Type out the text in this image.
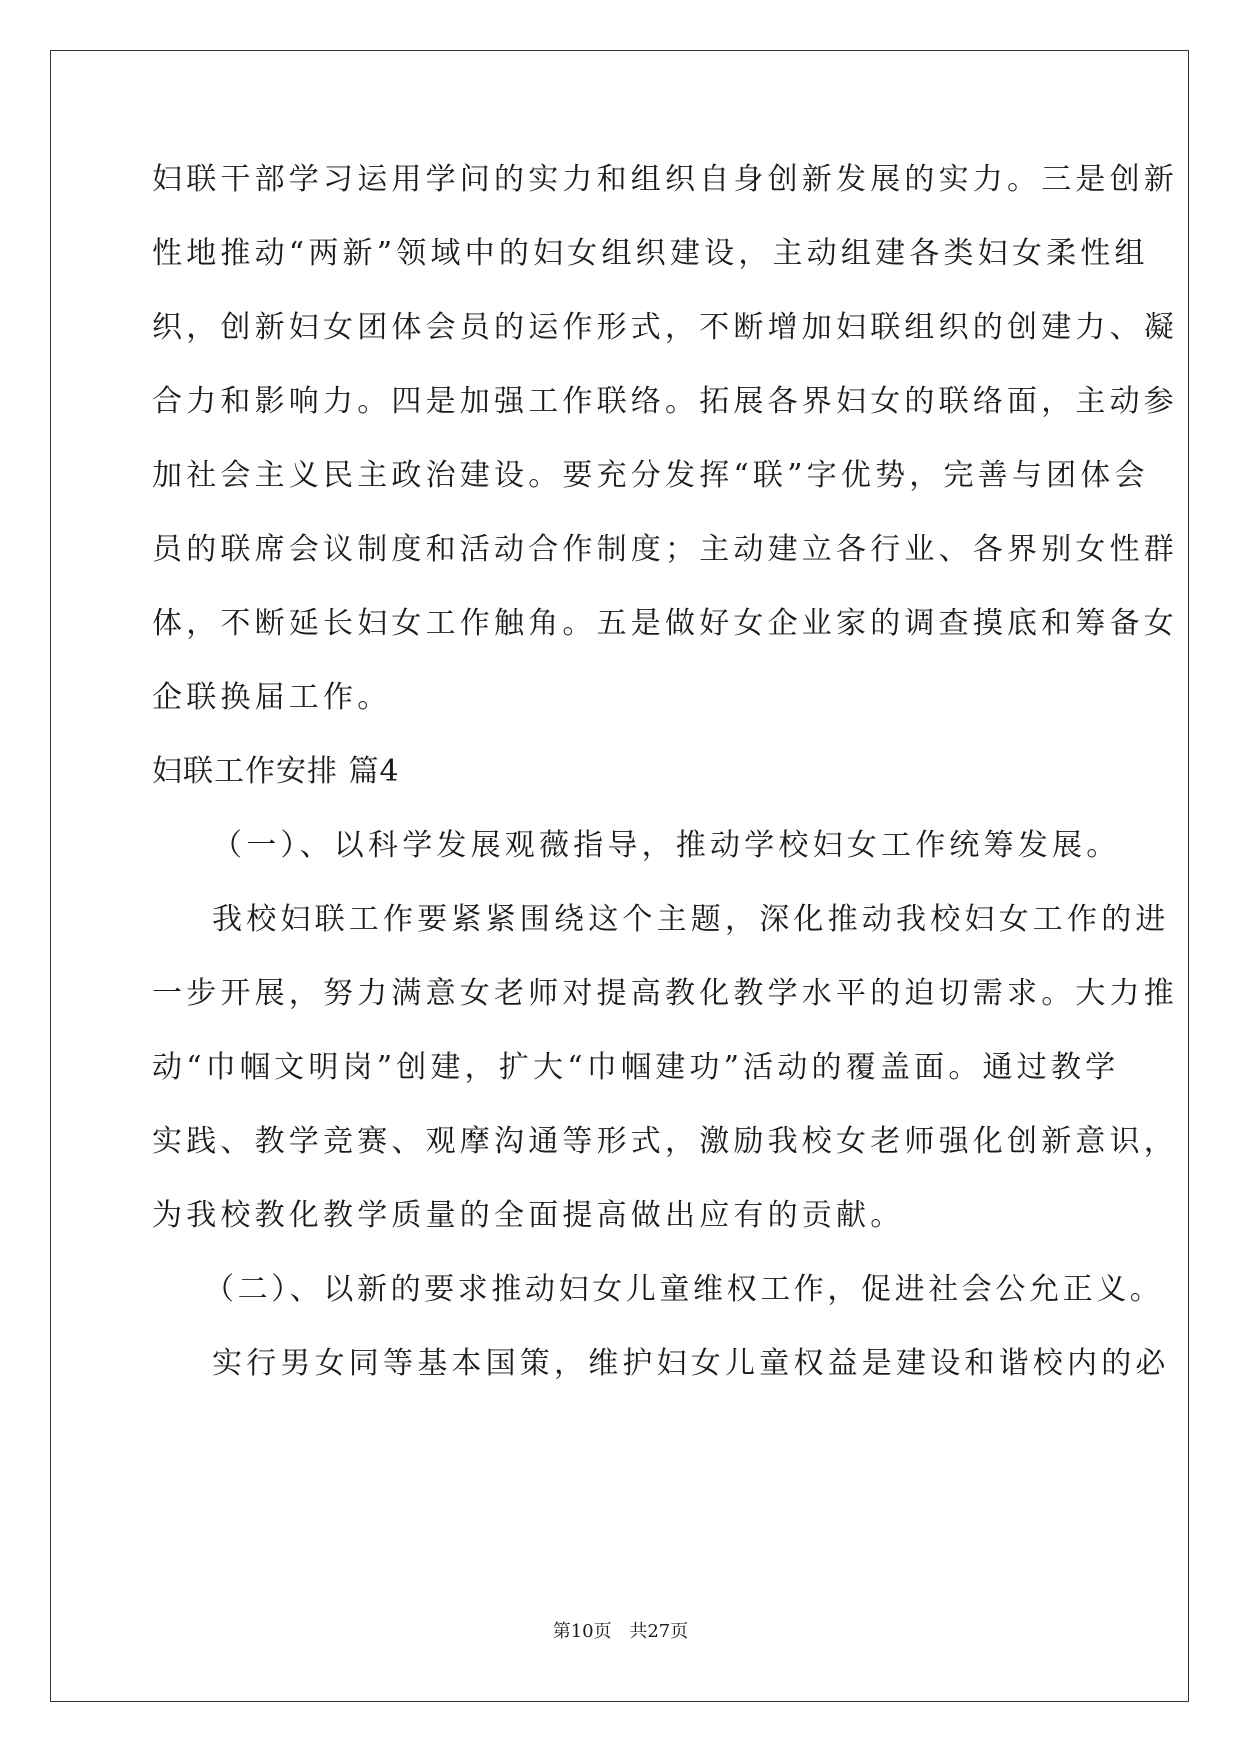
妇联干部学习运用学问的实力和组织自身创新发展的实力。三是创新
性地推动“两新”领域中的妇女组织建设，主动组建各类妇女柔性组
织，创新妇女团体会员的运作形式，不断增加妇联组织的创建力、凝
合力和影响力。四是加强工作联络。拓展各界妇女的联络面，主动参
加社会主义民主政治建设。要充分发挥“联”字优势，完善与团体会
员的联席会议制度和活动合作制度；主动建立各行业、各界别女性群
体，不断延长妇女工作触角。五是做好女企业家的调查摸底和筹备女
企联换届工作。
妇联工作安排 篇4
（一）、以科学发展观薇指导，推动学校妇女工作统筹发展。
我校妇联工作要紧紧围绕这个主题，深化推动我校妇女工作的进
一步开展，努力满意女老师对提高教化教学水平的迫切需求。大力推
动“巾帼文明岗”创建，扩大“巾帼建功”活动的覆盖面。通过教学
实践、教学竞赛、观摩沟通等形式，激励我校女老师强化创新意识，
为我校教化教学质量的全面提高做出应有的贡献。
（二）、以新的要求推动妇女儿童维权工作，促进社会公允正义。
实行男女同等基本国策，维护妇女儿童权益是建设和谐校内的必
第10页 共27页
